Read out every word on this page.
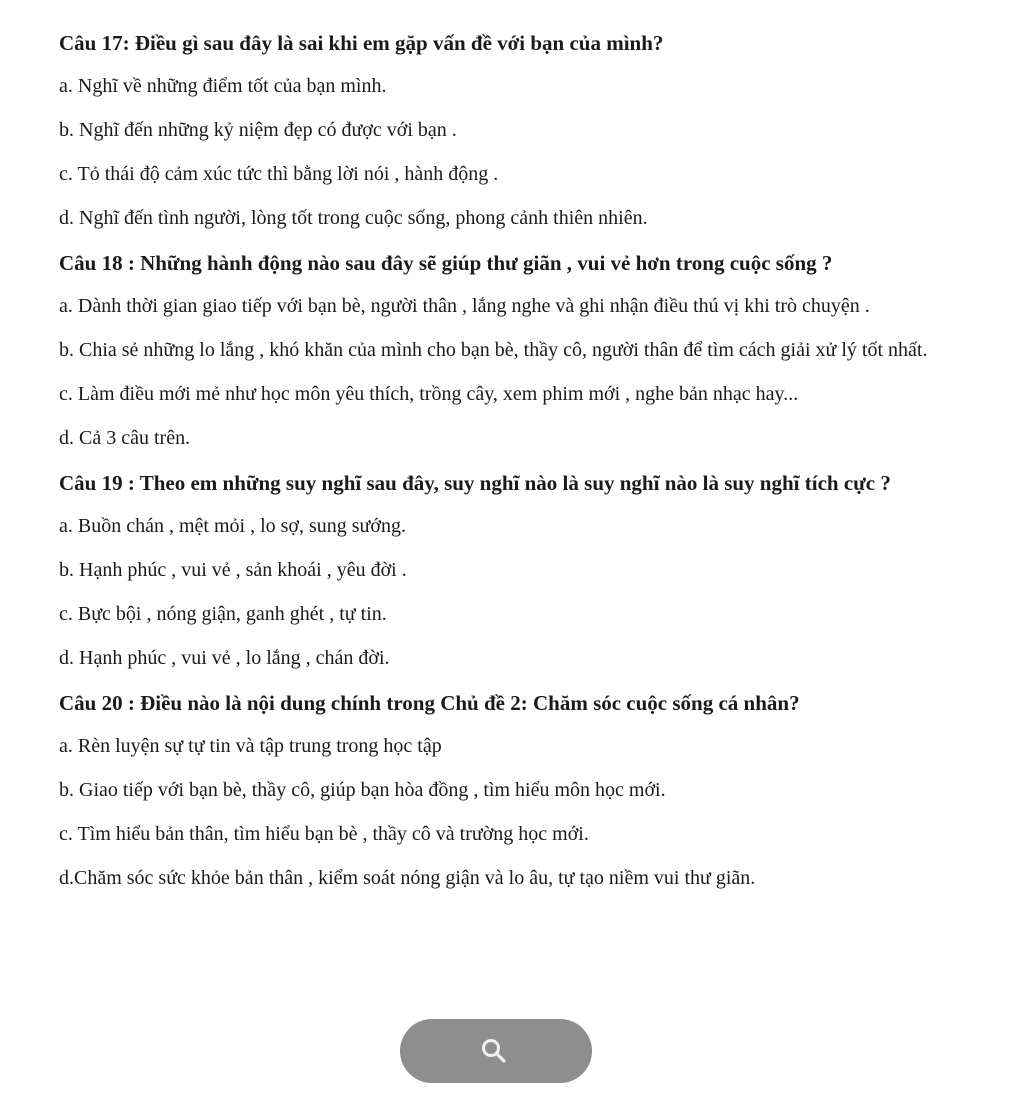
Câu 17: Điều gì sau đây là sai khi em gặp vấn đề với bạn của mình?

a. Nghĩ về những điểm tốt của bạn mình.

b. Nghĩ đến những kỷ niệm đẹp có được với bạn .

c. Tỏ thái độ cảm xúc tức thì bằng lời nói , hành động .

d. Nghĩ đến tình người, lòng tốt trong cuộc sống, phong cảnh thiên nhiên.

Câu 18 : Những hành động nào sau đây sẽ giúp thư giãn , vui vẻ hơn trong cuộc sống ?

a. Dành thời gian giao tiếp với bạn bè, người thân , lắng nghe và ghi nhận điều thú vị khi trò chuyện .

b. Chia sẻ những lo lắng , khó khăn của mình cho bạn bè, thầy cô, người thân để tìm cách giải xử lý tốt nhất.

c. Làm điều mới mẻ như học môn yêu thích, trồng cây, xem phim mới , nghe bản nhạc hay...

d. Cả 3 câu trên.

Câu 19 : Theo em những suy nghĩ sau đây, suy nghĩ nào là suy nghĩ nào là suy nghĩ tích cực ?

a. Buồn chán , mệt mỏi , lo sợ, sung sướng.

b. Hạnh phúc , vui vẻ , sản khoái , yêu đời .

c. Bực bội , nóng giận, ganh ghét , tự tin.

d. Hạnh phúc , vui vẻ , lo lắng , chán đời.

Câu 20 : Điều nào là nội dung chính trong Chủ đề 2: Chăm sóc cuộc sống cá nhân?

a. Rèn luyện sự tự tin và tập trung trong học tập

b. Giao tiếp với bạn bè, thầy cô, giúp bạn hòa đồng , tìm hiểu môn học mới.

c. Tìm hiểu bản thân, tìm hiểu bạn bè , thầy cô và trường học mới.

d.Chăm sóc sức khỏe bản thân , kiểm soát nóng giận và lo âu, tự tạo niềm vui thư giãn.
